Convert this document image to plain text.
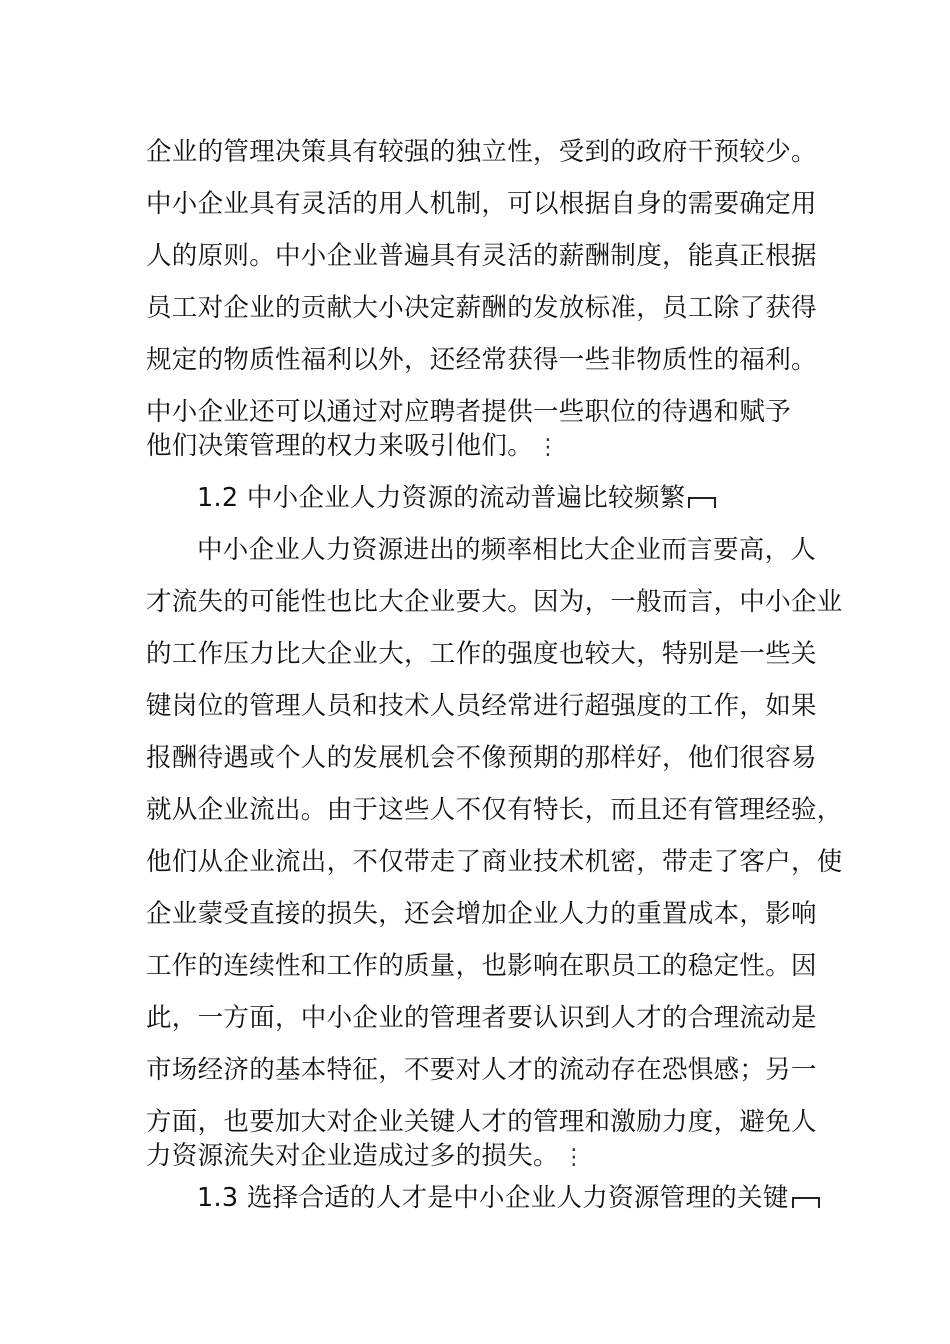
企业的管理决策具有较强的独立性，受到的政府干预较少。
中小企业具有灵活的用人机制，可以根据自身的需要确定用
人的原则。中小企业普遍具有灵活的薪酬制度，能真正根据
员工对企业的贡献大小决定薪酬的发放标准，员工除了获得
规定的物质性福利以外，还经常获得一些非物质性的福利。
中小企业还可以通过对应聘者提供一些职位的待遇和赋予
他们决策管理的权力来吸引他们。 ⋮
1.2 中小企业人力资源的流动普遍比较频繁
中小企业人力资源进出的频率相比大企业而言要高，人
才流失的可能性也比大企业要大。因为，一般而言，中小企业
的工作压力比大企业大，工作的强度也较大，特别是一些关
键岗位的管理人员和技术人员经常进行超强度的工作，如果
报酬待遇或个人的发展机会不像预期的那样好，他们很容易
就从企业流出。由于这些人不仅有特长，而且还有管理经验，
他们从企业流出，不仅带走了商业技术机密，带走了客户，使
企业蒙受直接的损失，还会增加企业人力的重置成本，影响
工作的连续性和工作的质量，也影响在职员工的稳定性。因
此，一方面，中小企业的管理者要认识到人才的合理流动是
市场经济的基本特征，不要对人才的流动存在恐惧感；另一
方面，也要加大对企业关键人才的管理和激励力度，避免人
力资源流失对企业造成过多的损失。 ⋮
1.3 选择合适的人才是中小企业人力资源管理的关键
